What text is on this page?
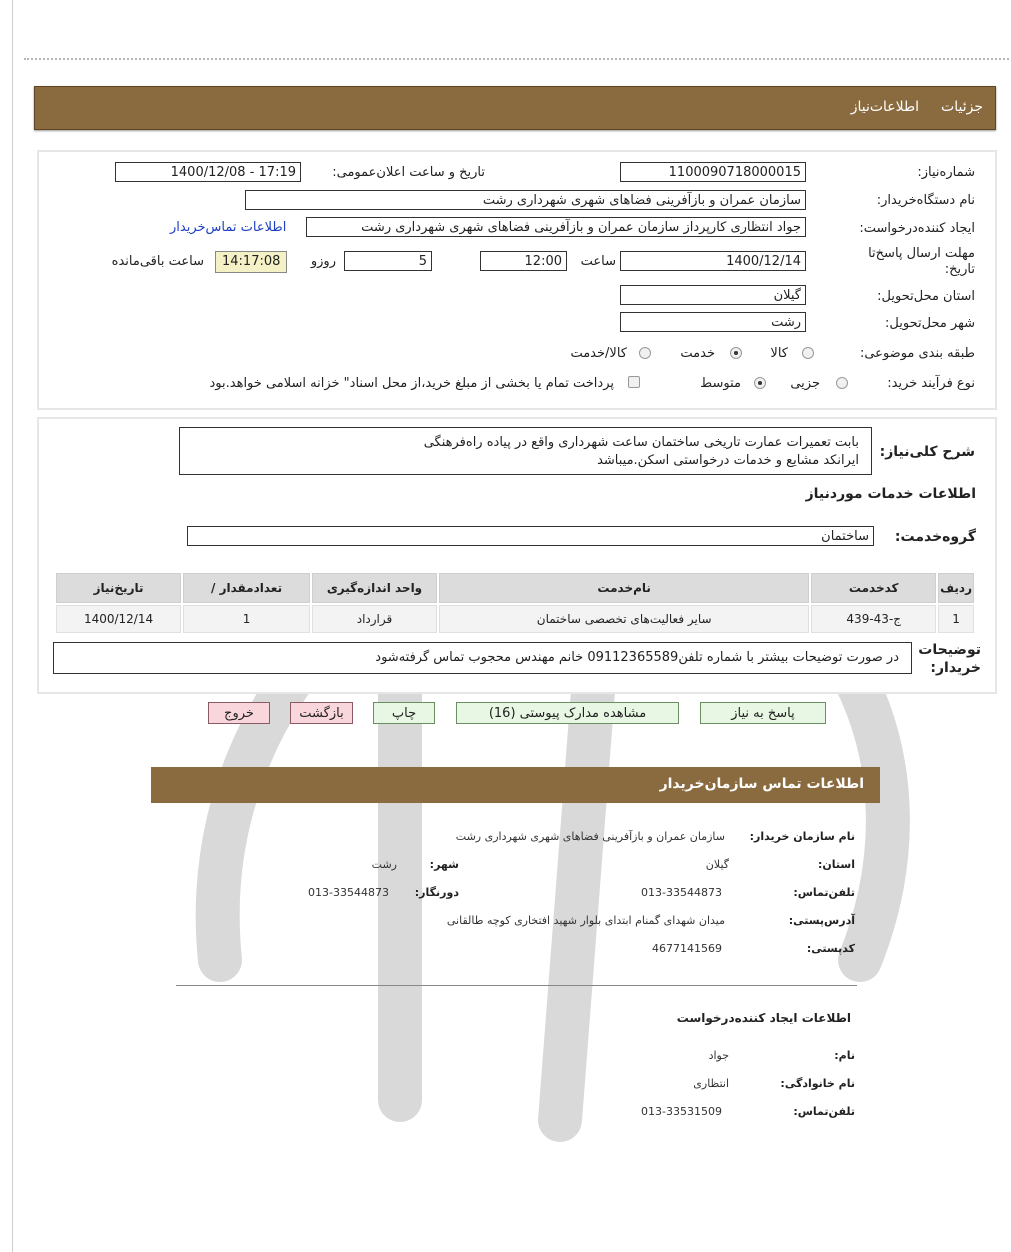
جزئیات
اطلاعات‌نیاز
شماره‌نیاز:
1100090718000015
تاریخ و ساعت اعلان‌عمومی:
1400/12/08 - 17:19
نام دستگاه‌خریدار:
سازمان عمران و بازآفرینی فضاهای شهری شهرداری رشت
ایجاد کننده‌درخواست:
جواد انتظاری کارپرداز سازمان عمران و بازآفرینی فضاهای شهری شهرداری رشت
اطلاعات تماس‌خریدار
مهلت ارسال پاسخ‌تا تاریخ:
1400/12/14
ساعت
12:00
5
روزو
14:17:08
ساعت باقی‌مانده
استان محل‌تحویل:
گیلان
شهر محل‌تحویل:
رشت
طبقه بندی موضوعی:
کالا
خدمت
کالا/خدمت
نوع فرآیند خرید:
جزیی
متوسط
پرداخت تمام یا بخشی از مبلغ خرید،از محل اسناد" خزانه اسلامی خواهد.بود
شرح کلی‌نیاز:
بابت تعمیرات عمارت تاریخی ساختمان ساعت شهرداری واقع در پیاده راه‌فرهنگی
ایرانکد مشایع و خدمات درخواستی اسکن.میباشد
اطلاعات خدمات موردنیاز
گروه‌خدمت:
ساختمان
ردیف	کدخدمت	نام‌خدمت	واحد اندازه‌گیری	تعدادمقدار /	تاریخ‌نیاز
1	ج-43-439	سایر فعالیت‌های تخصصی ساختمان	قرارداد	1	1400/12/14
توضیحات خریدار:
در صورت توضیحات بیشتر با شماره تلفن09112365589 خانم مهندس محجوب تماس گرفته‌شود
پاسخ به نیاز
مشاهده مدارک پیوستی (16)
چاپ
بازگشت
خروج
اطلاعات تماس سازمان‌خریدار
نام سازمان خریدار:
سازمان عمران و بازآفرینی فضاهای شهری شهرداری رشت
استان:
گیلان
شهر:
رشت
تلفن‌تماس:
013-33544873
دورنگار:
013-33544873
آدرس‌پستی:
میدان شهدای گمنام ابتدای بلوار شهید افتخاری کوچه طالقانی
کدپستی:
4677141569
اطلاعات ایجاد کننده‌درخواست
نام:
جواد
نام خانوادگی:
انتظاری
تلفن‌تماس:
013-33531509
